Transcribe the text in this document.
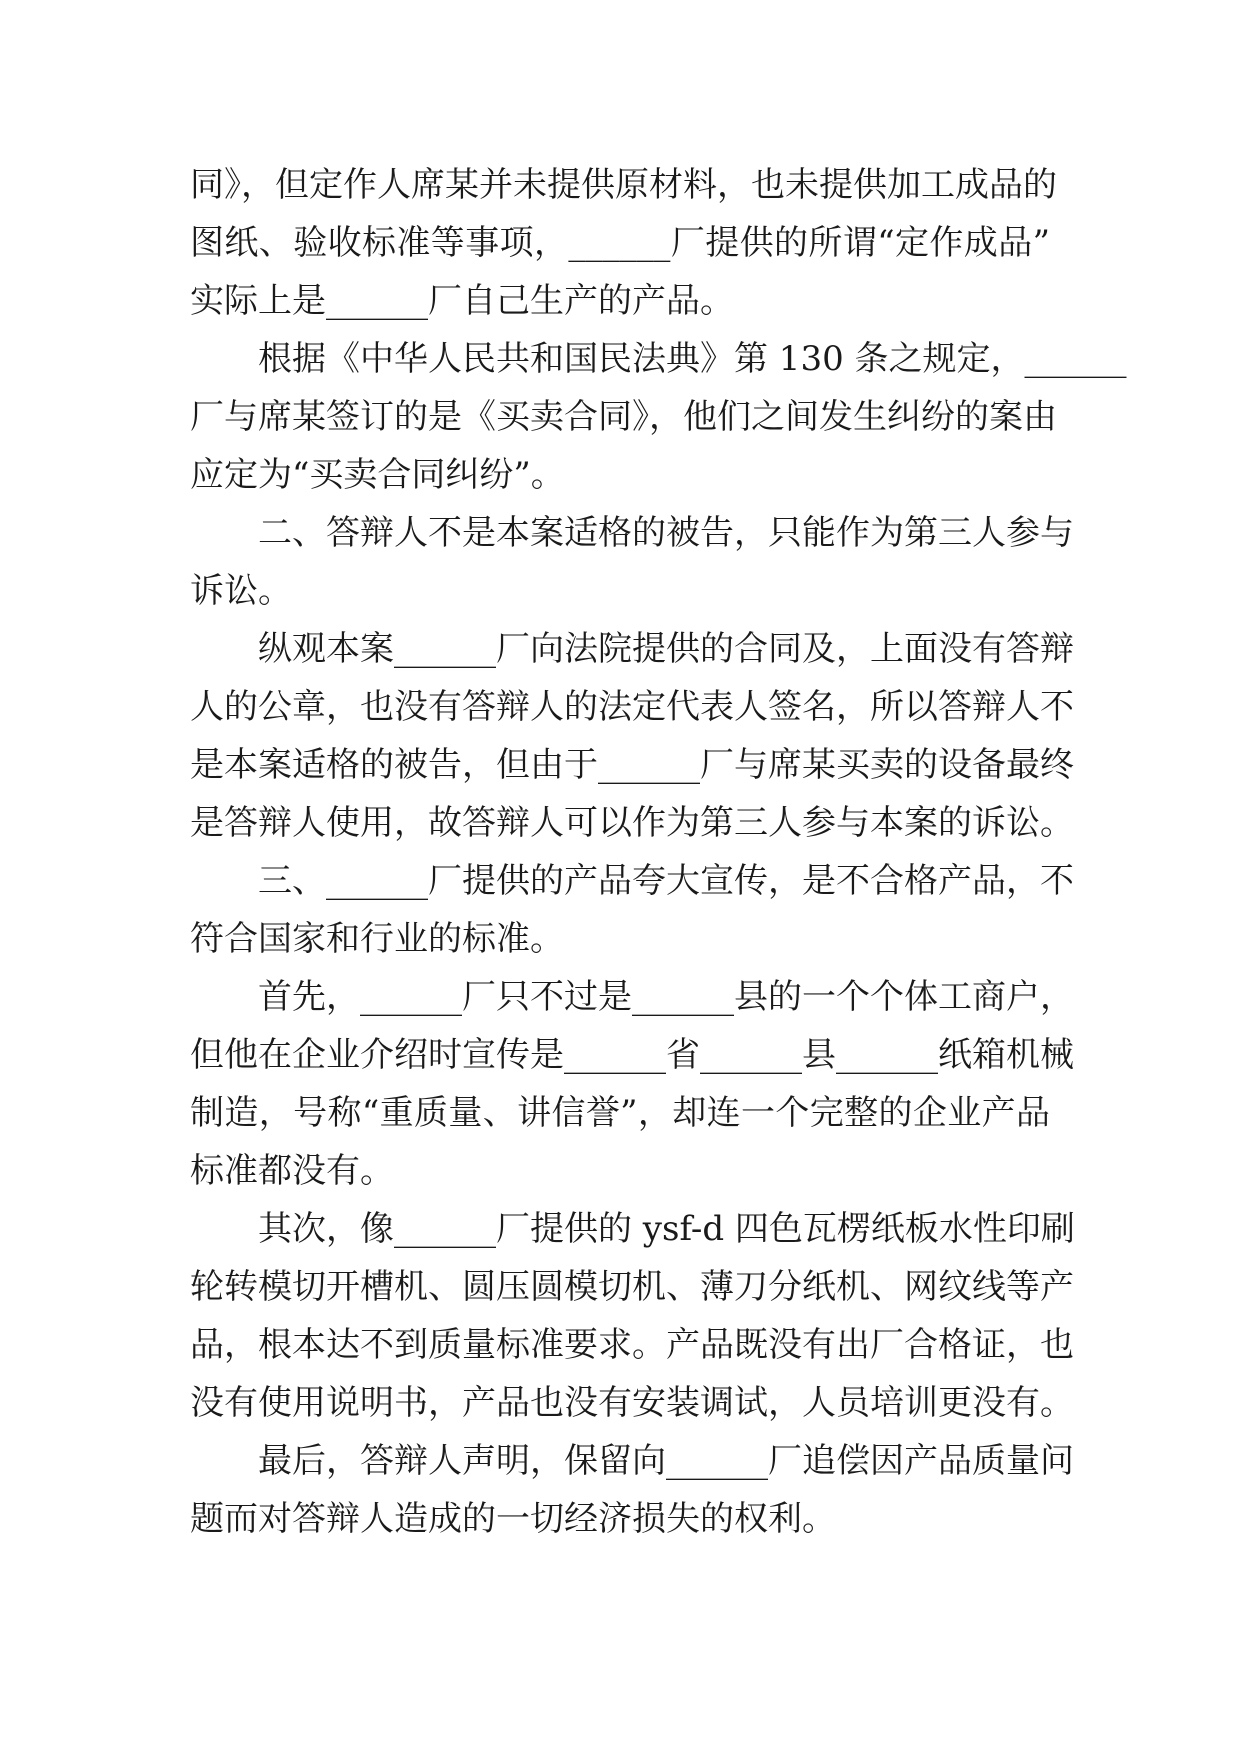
同》，但定作人席某并未提供原材料，也未提供加工成品的
图纸、验收标准等事项，______厂提供的所谓“定作成品”
实际上是______厂自己生产的产品。
根据《中华人民共和国民法典》第 130 条之规定，______
厂与席某签订的是《买卖合同》，他们之间发生纠纷的案由
应定为“买卖合同纠纷”。
二、答辩人不是本案适格的被告，只能作为第三人参与
诉讼。
纵观本案______厂向法院提供的合同及，上面没有答辩
人的公章，也没有答辩人的法定代表人签名，所以答辩人不
是本案适格的被告，但由于______厂与席某买卖的设备最终
是答辩人使用，故答辩人可以作为第三人参与本案的诉讼。
三、______厂提供的产品夸大宣传，是不合格产品，不
符合国家和行业的标准。
首先，______厂只不过是______县的一个个体工商户，
但他在企业介绍时宣传是______省______县______纸箱机械
制造，号称“重质量、讲信誉”，却连一个完整的企业产品
标准都没有。
其次，像______厂提供的 ysf-d 四色瓦楞纸板水性印刷
轮转模切开槽机、圆压圆模切机、薄刀分纸机、网纹线等产
品，根本达不到质量标准要求。产品既没有出厂合格证，也
没有使用说明书，产品也没有安装调试，人员培训更没有。
最后，答辩人声明，保留向______厂追偿因产品质量问
题而对答辩人造成的一切经济损失的权利。
